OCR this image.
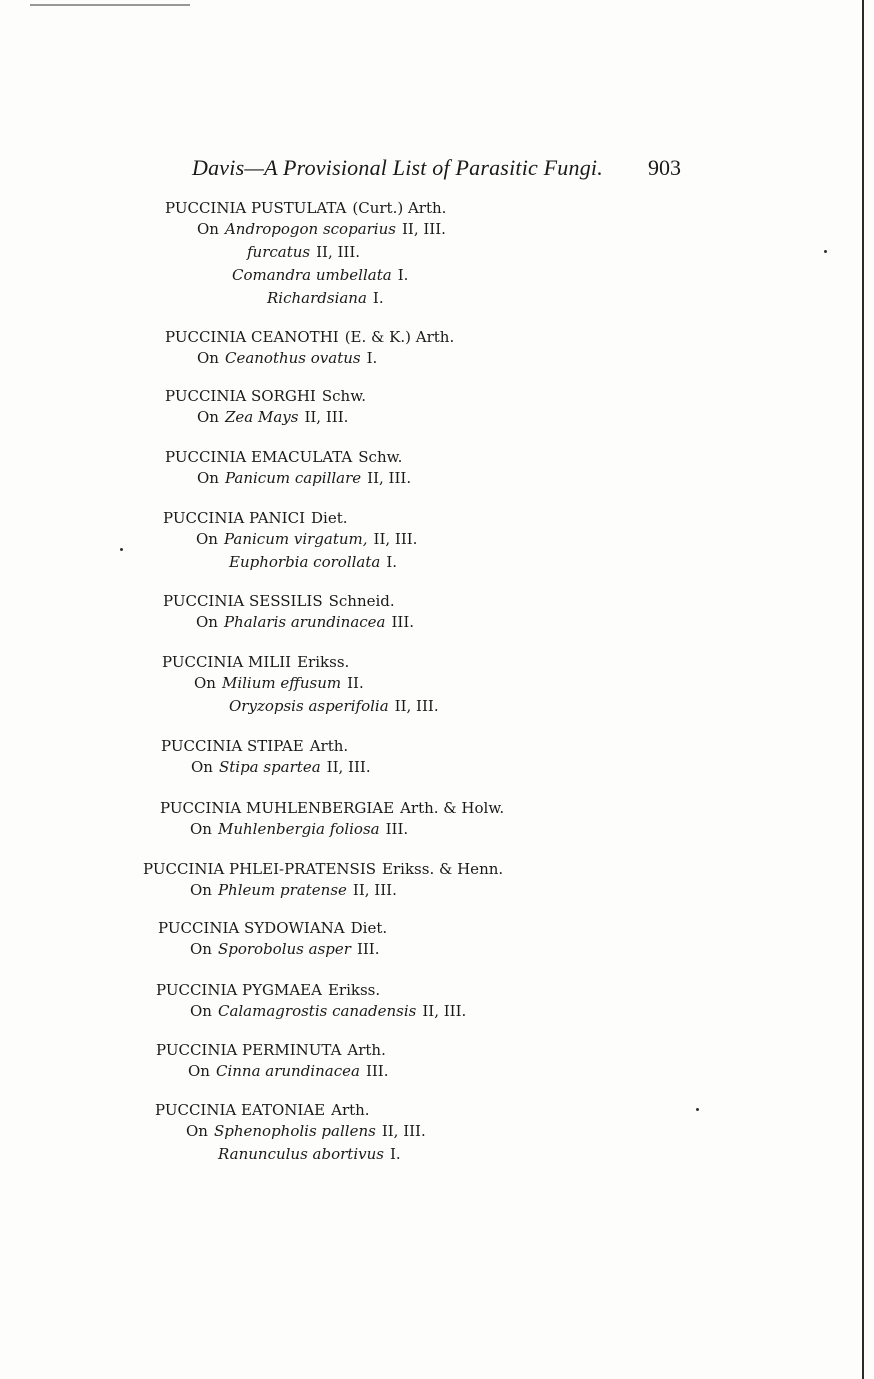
Davis—A Provisional List of Parasitic Fungi. 903
PUCCINIA PUSTULATA (Curt.) Arth.
On Andropogon scoparius II, III.
furcatus II, III.
Comandra umbellata I.
Richardsiana I.
PUCCINIA CEANOTHI (E. & K.) Arth.
On Ceanothus ovatus I.
PUCCINIA SORGHI Schw.
On Zea Mays II, III.
PUCCINIA EMACULATA Schw.
On Panicum capillare II, III.
PUCCINIA PANICI Diet.
On Panicum virgatum, II, III.
Euphorbia corollata I.
PUCCINIA SESSILIS Schneid.
On Phalaris arundinacea III.
PUCCINIA MILII Erikss.
On Milium effusum II.
Oryzopsis asperifolia II, III.
PUCCINIA STIPAE Arth.
On Stipa spartea II, III.
PUCCINIA MUHLENBERGIAE Arth. & Holw.
On Muhlenbergia foliosa III.
PUCCINIA PHLEI-PRATENSIS Erikss. & Henn.
On Phleum pratense II, III.
PUCCINIA SYDOWIANA Diet.
On Sporobolus asper III.
PUCCINIA PYGMAEA Erikss.
On Calamagrostis canadensis II, III.
PUCCINIA PERMINUTA Arth.
On Cinna arundinacea III.
PUCCINIA EATONIAE Arth.
On Sphenopholis pallens II, III.
Ranunculus abortivus I.
